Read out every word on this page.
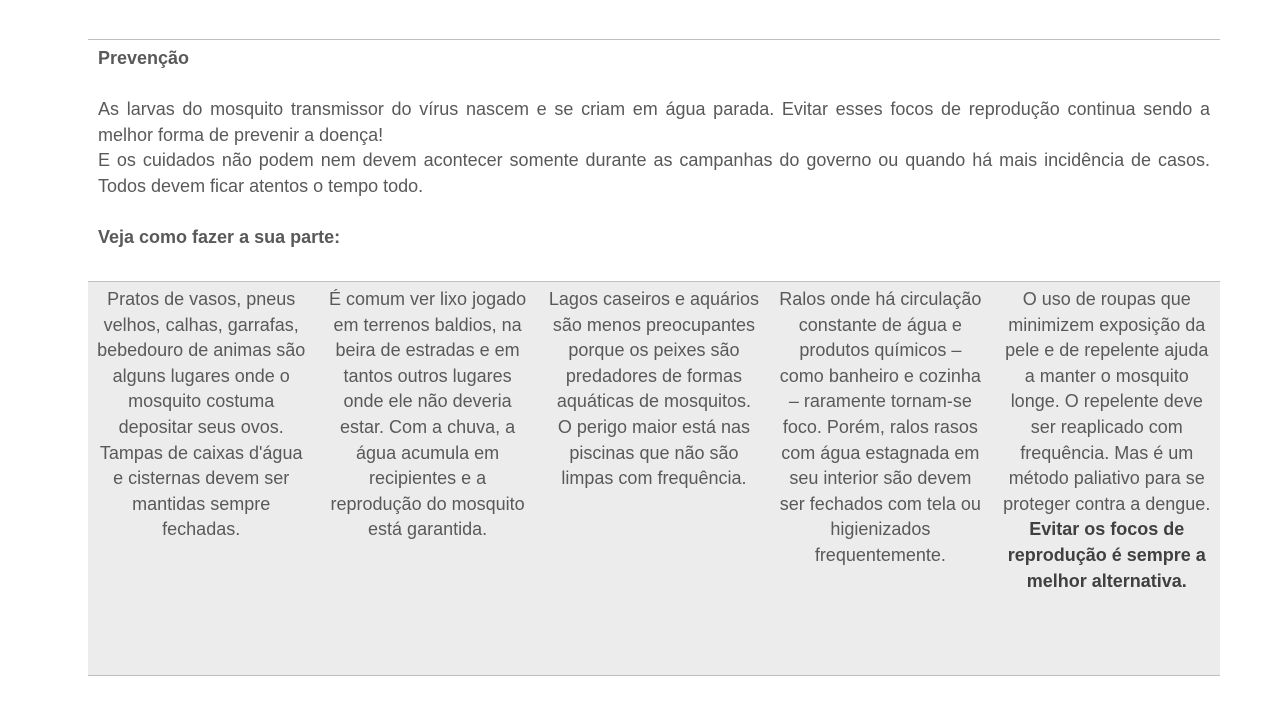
Prevenção

As larvas do mosquito transmissor do vírus nascem e se criam em água parada. Evitar esses focos de reprodução continua sendo a melhor forma de prevenir a doença!

E os cuidados não podem nem devem acontecer somente durante as campanhas do governo ou quando há mais incidência de casos. Todos devem ficar atentos o tempo todo.

Veja como fazer a sua parte:

Pratos de vasos, pneus velhos, calhas, garrafas, bebedouro de animas são alguns lugares onde o mosquito costuma depositar seus ovos. Tampas de caixas d'água e cisternas devem ser mantidas sempre fechadas.
É comum ver lixo jogado em terrenos baldios, na beira de estradas e em tantos outros lugares onde ele não deveria estar. Com a chuva, a água acumula em recipientes e a reprodução do mosquito está garantida.
Lagos caseiros e aquários são menos preocupantes porque os peixes são predadores de formas aquáticas de mosquitos. O perigo maior está nas piscinas que não são limpas com frequência.
Ralos onde há circulação constante de água e produtos químicos – como banheiro e cozinha – raramente tornam-se foco. Porém, ralos rasos com água estagnada em seu interior são devem ser fechados com tela ou higienizados frequentemente.
O uso de roupas que minimizem exposição da pele e de repelente ajuda a manter o mosquito longe. O repelente deve ser reaplicado com frequência. Mas é um método paliativo para se proteger contra a dengue. Evitar os focos de reprodução é sempre a melhor alternativa.
